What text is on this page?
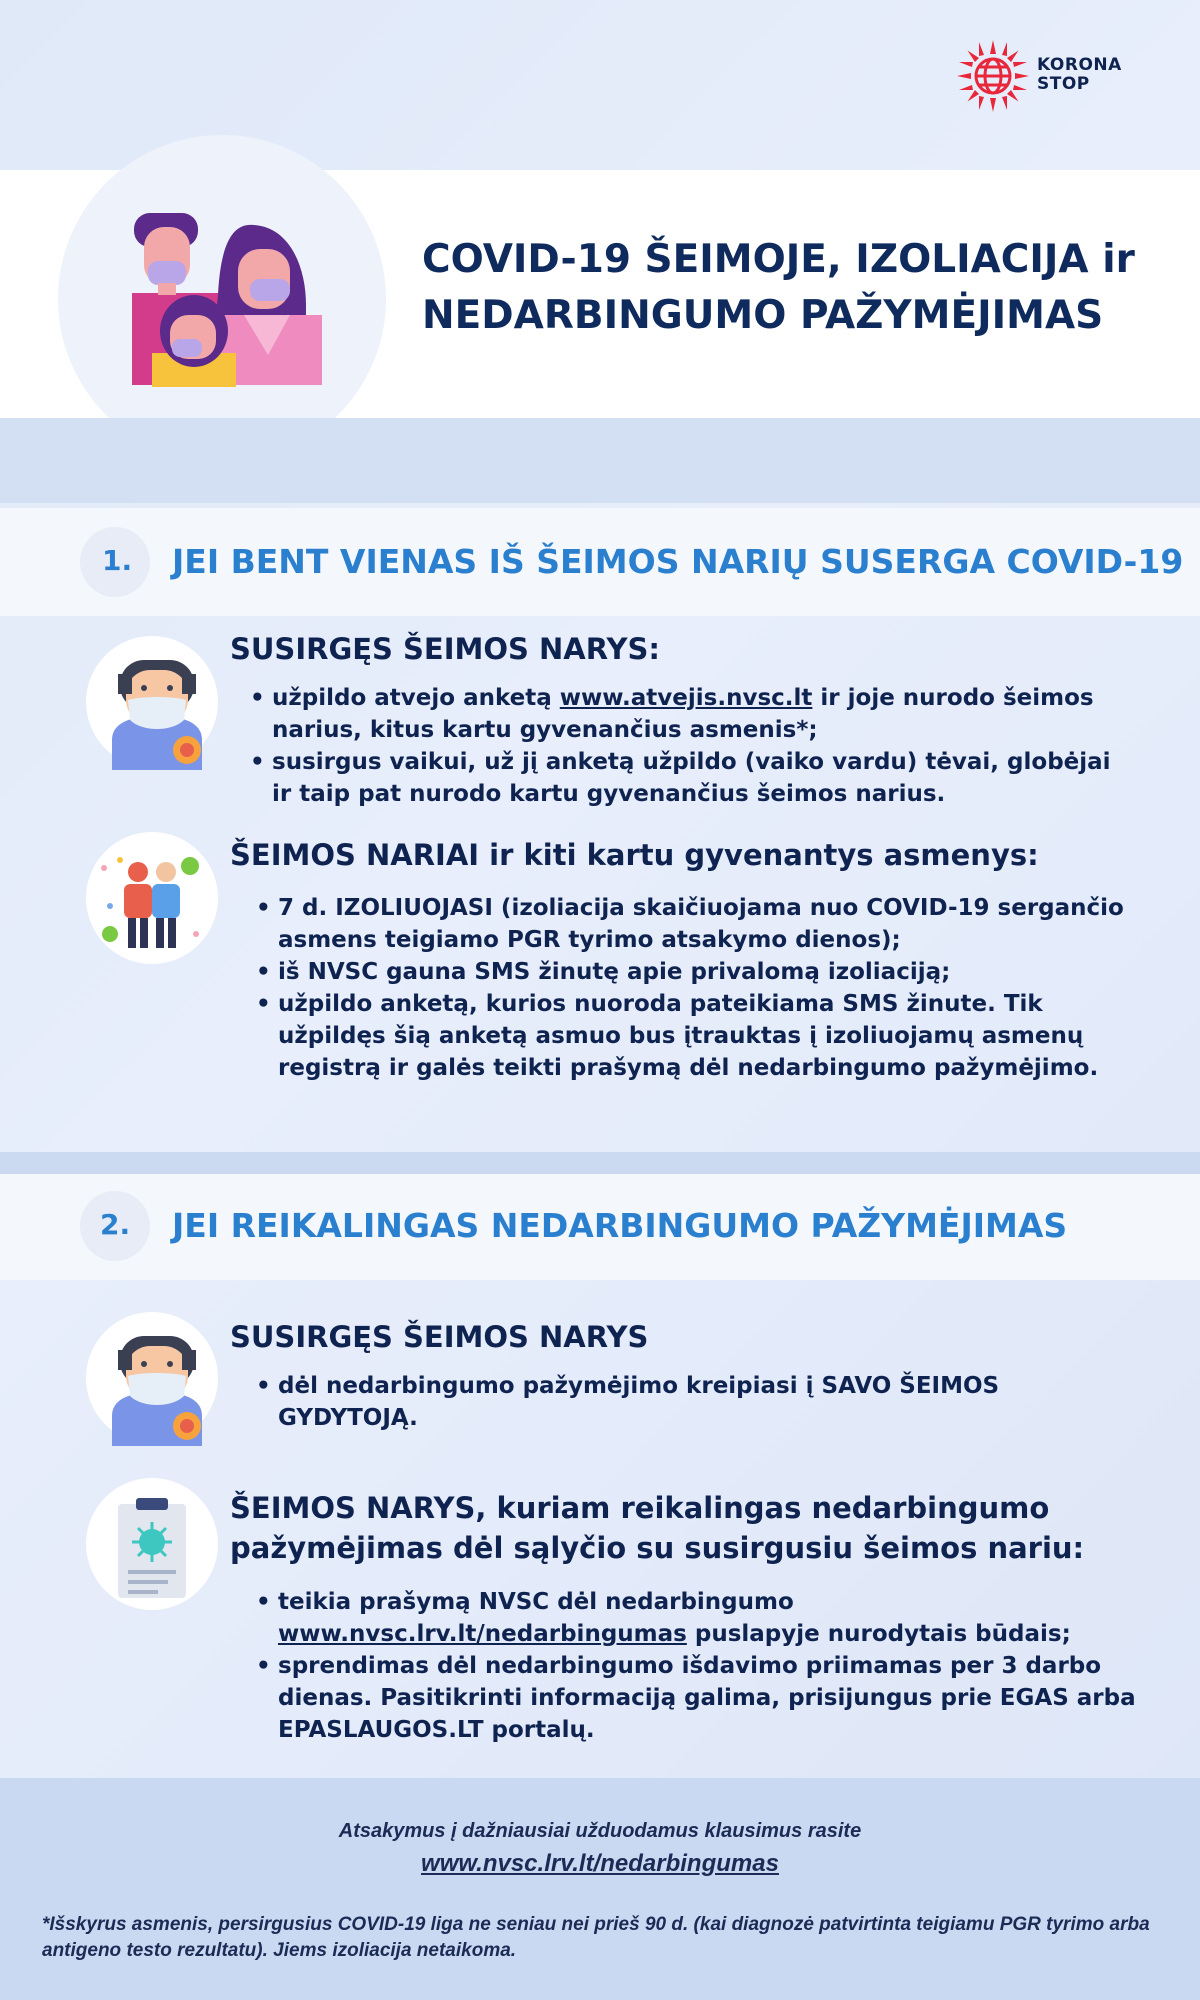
KORONA
STOP
COVID-19 ŠEIMOJE, IZOLIACIJA ir
NEDARBINGUMO PAŽYMĖJIMAS
1. JEI BENT VIENAS IŠ ŠEIMOS NARIŲ SUSERGA COVID-19
SUSIRGĘS ŠEIMOS NARYS:
• užpildo atvejo anketą www.atvejis.nvsc.lt ir joje nurodo šeimos narius, kitus kartu gyvenančius asmenis*;
• susirgus vaikui, už jį anketą užpildo (vaiko vardu) tėvai, globėjai ir taip pat nurodo kartu gyvenančius šeimos narius.
ŠEIMOS NARIAI ir kiti kartu gyvenantys asmenys:
• 7 d. IZOLIUOJASI (izoliacija skaičiuojama nuo COVID-19 sergančio asmens teigiamo PGR tyrimo atsakymo dienos);
• iš NVSC gauna SMS žinutę apie privalomą izoliaciją;
• užpildo anketą, kurios nuoroda pateikiama SMS žinute. Tik užpildęs šią anketą asmuo bus įtrauktas į izoliuojamų asmenų registrą ir galės teikti prašymą dėl nedarbingumo pažymėjimo.
2. JEI REIKALINGAS NEDARBINGUMO PAŽYMĖJIMAS
SUSIRGĘS ŠEIMOS NARYS
• dėl nedarbingumo pažymėjimo kreipiasi į SAVO ŠEIMOS GYDYTOJĄ.
ŠEIMOS NARYS, kuriam reikalingas nedarbingumo pažymėjimas dėl sąlyčio su susirgusiu šeimos nariu:
• teikia prašymą NVSC dėl nedarbingumo www.nvsc.lrv.lt/nedarbingumas puslapyje nurodytais būdais;
• sprendimas dėl nedarbingumo išdavimo priimamas per 3 darbo dienas. Pasitikrinti informaciją galima, prisijungus prie EGAS arba EPASLAUGOS.LT portalų.
Atsakymus į dažniausiai užduodamus klausimus rasite
www.nvsc.lrv.lt/nedarbingumas
*Išskyrus asmenis, persirgusius COVID-19 liga ne seniau nei prieš 90 d. (kai diagnozė patvirtinta teigiamu PGR tyrimo arba antigeno testo rezultatu). Jiems izoliacija netaikoma.
